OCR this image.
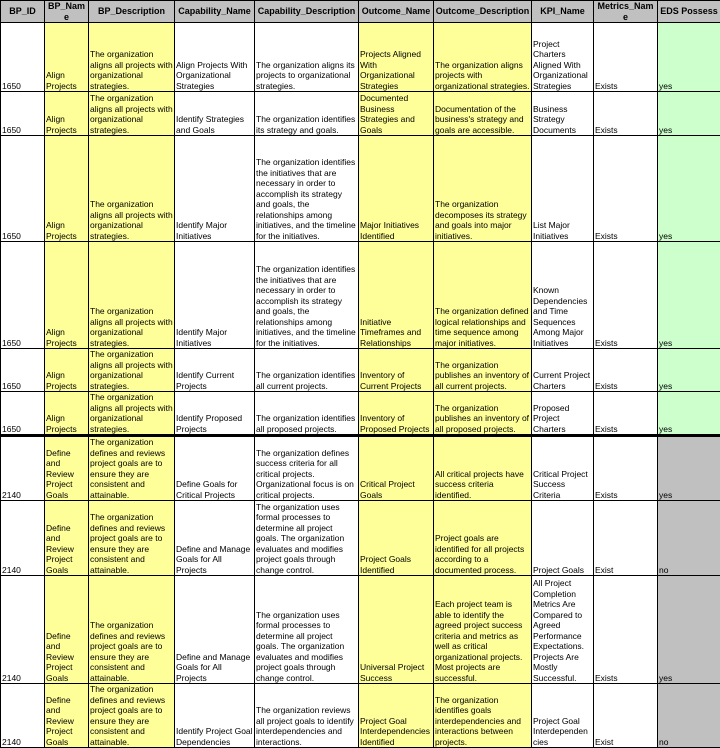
BP_ID	BP_Name	BP_Description	Capability_Name	Capability_Description	Outcome_Name	Outcome_Description	KPI_Name	Metrics_Name	EDS Possess
1650	Align Projects	The organization aligns all projects with organizational strategies.	Align Projects With Organizational Strategies	The organization aligns its projects to organizational strategies.	Projects Aligned With Organizational Strategies	The organization aligns projects with organizational strategies.	Project Charters Aligned With Organizational Strategies	Exists	yes
1650	Align Projects	The organization aligns all projects with organizational strategies.	Identify Strategies and Goals	The organization identifies its strategy and goals.	Documented Business Strategies and Goals	Documentation of the business's strategy and goals are accessible.	Business Strategy Documents	Exists	yes
1650	Align Projects	The organization aligns all projects with organizational strategies.	Identify Major Initiatives	The organization identifies the initiatives that are necessary in order to accomplish its strategy and goals, the relationships among initiatives, and the timeline for the initiatives.	Major Initiatives Identified	The organization decomposes its strategy and goals into major initiatives.	List Major Initiatives	Exists	yes
1650	Align Projects	The organization aligns all projects with organizational strategies.	Identify Major Initiatives	The organization identifies the initiatives that are necessary in order to accomplish its strategy and goals, the relationships among initiatives, and the timeline for the initiatives.	Initiative Timeframes and Relationships	The organization defined logical relationships and time sequence among major initiatives.	Known Dependencies and Time Sequences Among Major Initiatives	Exists	yes
1650	Align Projects	The organization aligns all projects with organizational strategies.	Identify Current Projects	The organization identifies all current projects.	Inventory of Current Projects	The organization publishes an inventory of all current projects.	Current Project Charters	Exists	yes
1650	Align Projects	The organization aligns all projects with organizational strategies.	Identify Proposed Projects	The organization identifies all proposed projects.	Inventory of Proposed Projects	The organization publishes an inventory of all proposed projects.	Proposed Project Charters	Exists	yes
2140	Define and Review Project Goals	The organization defines and reviews project goals are to ensure they are consistent and attainable.	Define Goals for Critical Projects	The organization defines success criteria for all critical projects. Organizational focus is on critical projects.	Critical Project Goals	All critical projects have success criteria identified.	Critical Project Success Criteria	Exists	yes
2140	Define and Review Project Goals	The organization defines and reviews project goals are to ensure they are consistent and attainable.	Define and Manage Goals for All Projects	The organization uses formal processes to determine all project goals. The organization evaluates and modifies project goals through change control.	Project Goals Identified	Project goals are identified for all projects according to a documented process.	Project Goals	Exist	no
2140	Define and Review Project Goals	The organization defines and reviews project goals are to ensure they are consistent and attainable.	Define and Manage Goals for All Projects	The organization uses formal processes to determine all project goals. The organization evaluates and modifies project goals through change control.	Universal Project Success	Each project team is able to identify the agreed project success criteria and metrics as well as critical organizational projects. Most projects are successful.	All Project Completion Metrics Are Compared to Agreed Performance Expectations. Projects Are Mostly Successful.	Exists	yes
2140	Define and Review Project Goals	The organization defines and reviews project goals are to ensure they are consistent and attainable.	Identify Project Goal Dependencies	The organization reviews all project goals to identify interdependencies and interactions.	Project Goal Interdependencies Identified	The organization identifies goals interdependencies and interactions between projects.	Project Goal Interdependencies	Exist	no
